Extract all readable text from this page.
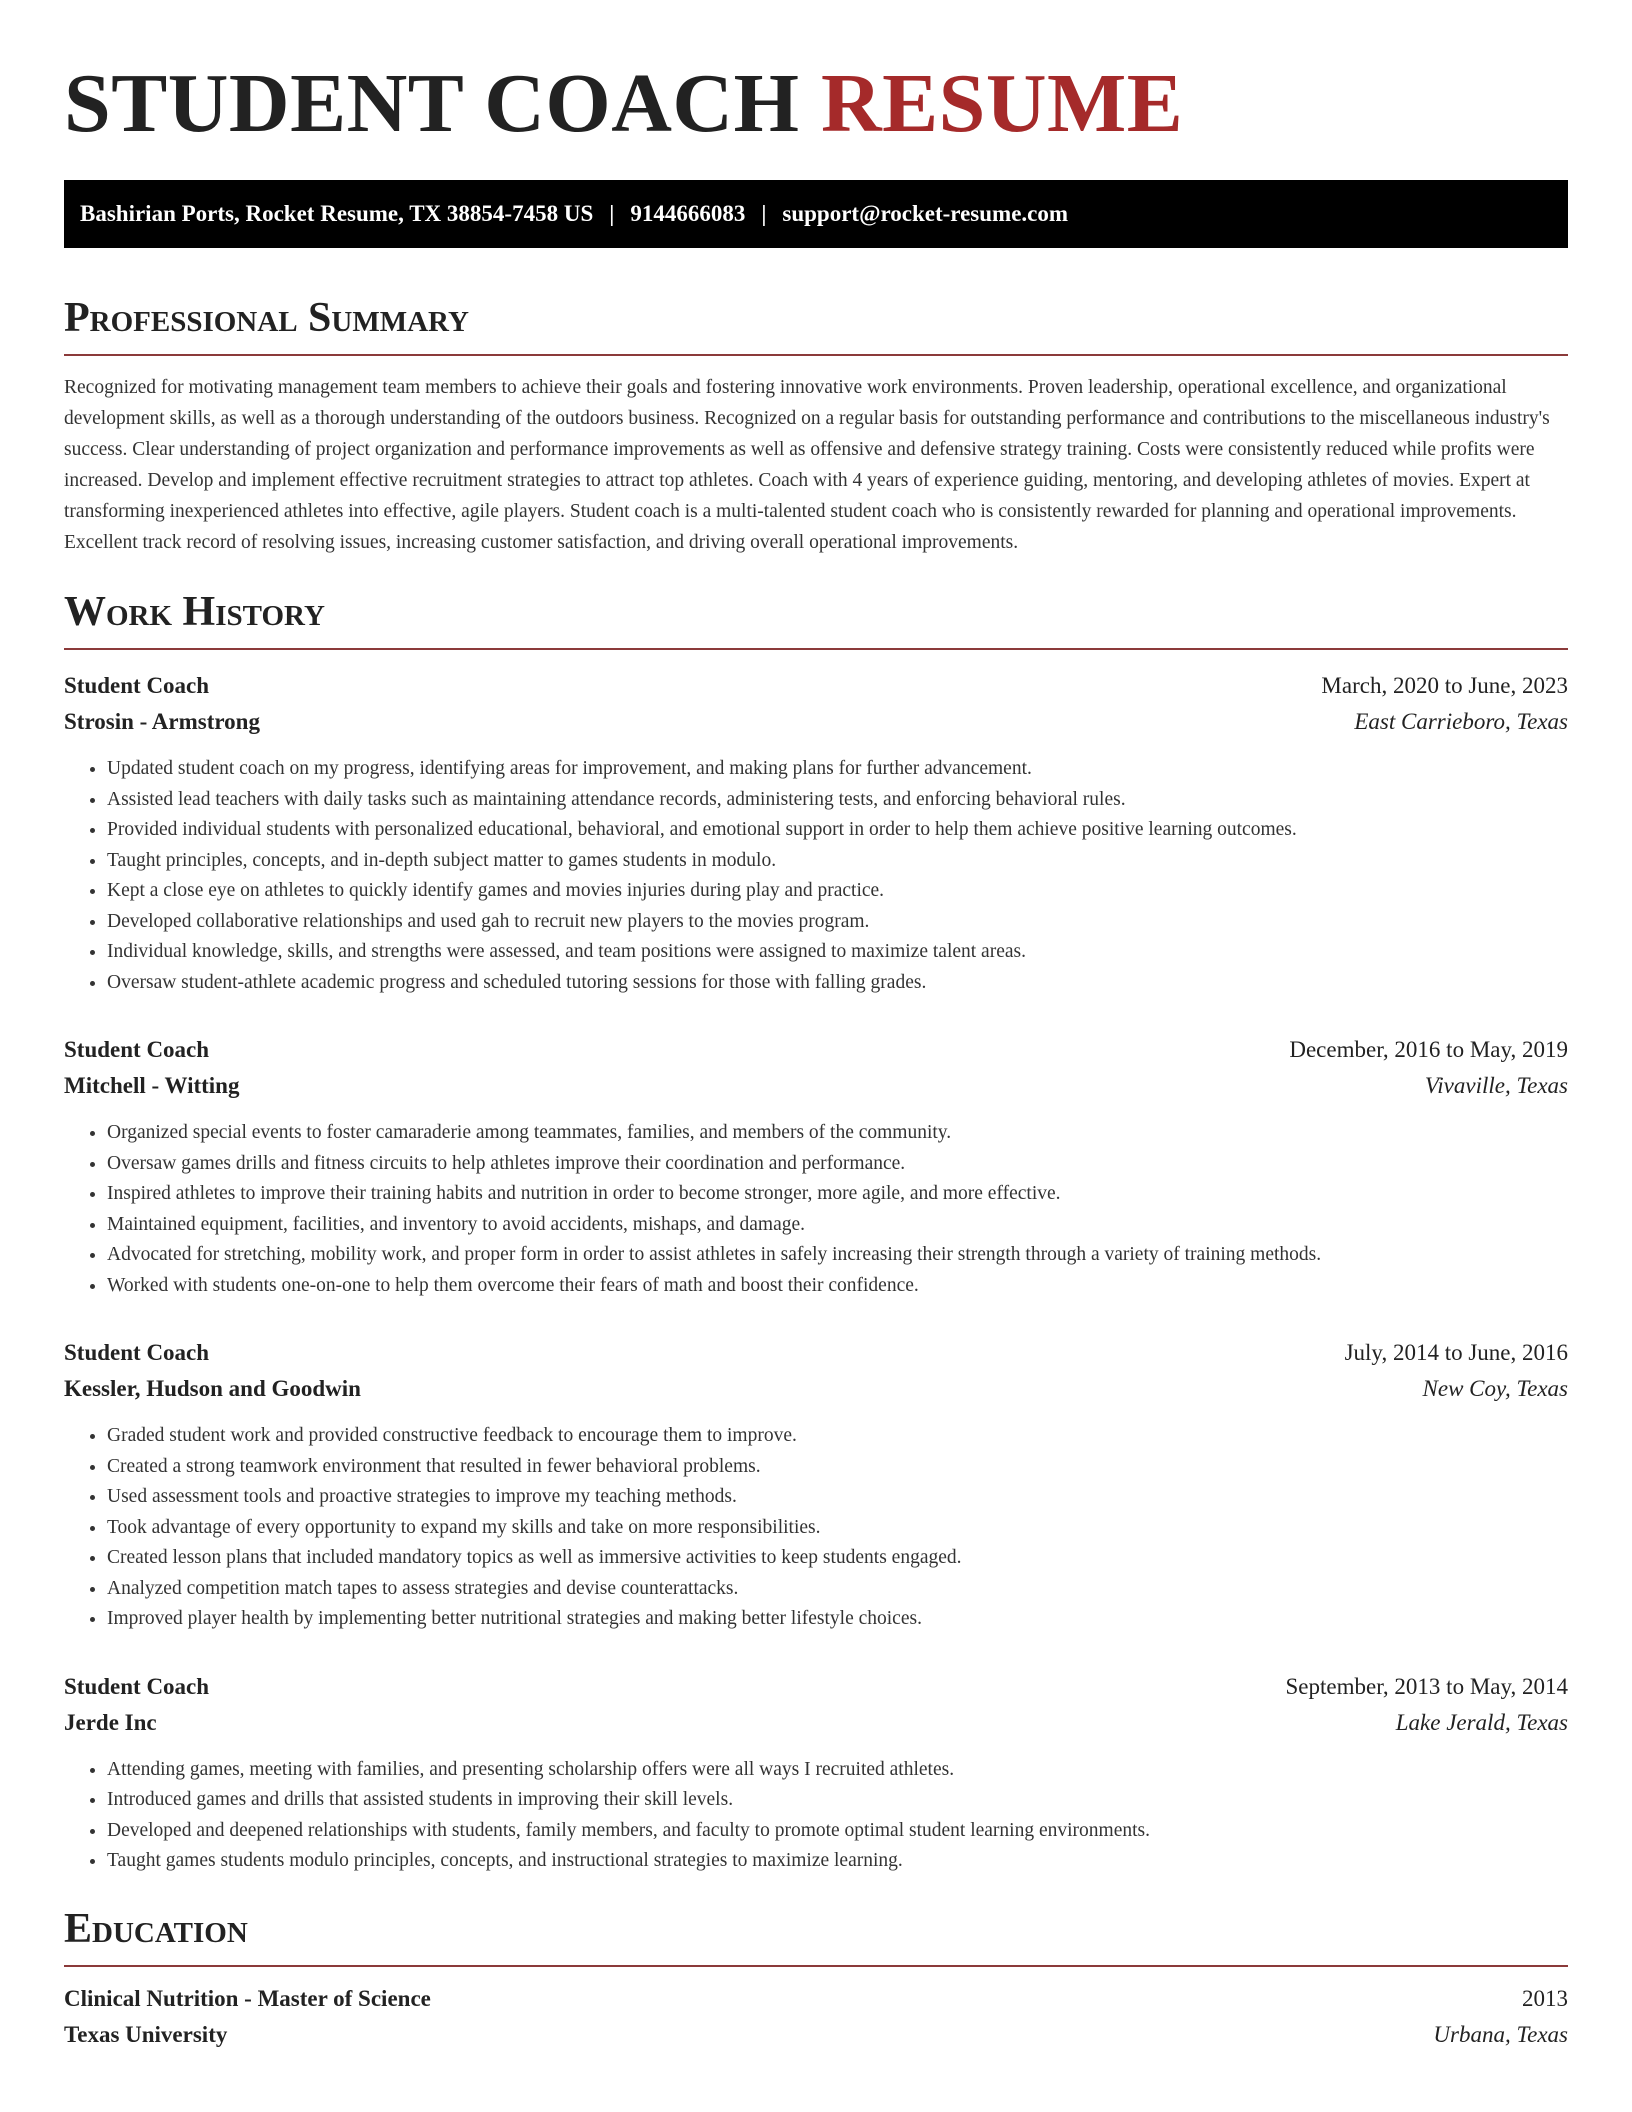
STUDENT COACH RESUME
Bashirian Ports, Rocket Resume, TX 38854-7458 US | 9144666083 | support@rocket-resume.com
Professional Summary

Recognized for motivating management team members to achieve their goals and fostering innovative work environments. Proven leadership, operational excellence, and organizational development skills, as well as a thorough understanding of the outdoors business. Recognized on a regular basis for outstanding performance and contributions to the miscellaneous industry's success. Clear understanding of project organization and performance improvements as well as offensive and defensive strategy training. Costs were consistently reduced while profits were increased. Develop and implement effective recruitment strategies to attract top athletes. Coach with 4 years of experience guiding, mentoring, and developing athletes of movies. Expert at transforming inexperienced athletes into effective, agile players. Student coach is a multi-talented student coach who is consistently rewarded for planning and operational improvements. Excellent track record of resolving issues, increasing customer satisfaction, and driving overall operational improvements.

Work History
Student Coach	March, 2020 to June, 2023
Strosin - Armstrong	East Carrieboro, Texas
• Updated student coach on my progress, identifying areas for improvement, and making plans for further advancement.
• Assisted lead teachers with daily tasks such as maintaining attendance records, administering tests, and enforcing behavioral rules.
• Provided individual students with personalized educational, behavioral, and emotional support in order to help them achieve positive learning outcomes.
• Taught principles, concepts, and in-depth subject matter to games students in modulo.
• Kept a close eye on athletes to quickly identify games and movies injuries during play and practice.
• Developed collaborative relationships and used gah to recruit new players to the movies program.
• Individual knowledge, skills, and strengths were assessed, and team positions were assigned to maximize talent areas.
• Oversaw student-athlete academic progress and scheduled tutoring sessions for those with falling grades.
Student Coach	December, 2016 to May, 2019
Mitchell - Witting	Vivaville, Texas
• Organized special events to foster camaraderie among teammates, families, and members of the community.
• Oversaw games drills and fitness circuits to help athletes improve their coordination and performance.
• Inspired athletes to improve their training habits and nutrition in order to become stronger, more agile, and more effective.
• Maintained equipment, facilities, and inventory to avoid accidents, mishaps, and damage.
• Advocated for stretching, mobility work, and proper form in order to assist athletes in safely increasing their strength through a variety of training methods.
• Worked with students one-on-one to help them overcome their fears of math and boost their confidence.
Student Coach	July, 2014 to June, 2016
Kessler, Hudson and Goodwin	New Coy, Texas
• Graded student work and provided constructive feedback to encourage them to improve.
• Created a strong teamwork environment that resulted in fewer behavioral problems.
• Used assessment tools and proactive strategies to improve my teaching methods.
• Took advantage of every opportunity to expand my skills and take on more responsibilities.
• Created lesson plans that included mandatory topics as well as immersive activities to keep students engaged.
• Analyzed competition match tapes to assess strategies and devise counterattacks.
• Improved player health by implementing better nutritional strategies and making better lifestyle choices.
Student Coach	September, 2013 to May, 2014
Jerde Inc	Lake Jerald, Texas
• Attending games, meeting with families, and presenting scholarship offers were all ways I recruited athletes.
• Introduced games and drills that assisted students in improving their skill levels.
• Developed and deepened relationships with students, family members, and faculty to promote optimal student learning environments.
• Taught games students modulo principles, concepts, and instructional strategies to maximize learning.
Education
Clinical Nutrition - Master of Science	2013
Texas University	Urbana, Texas
